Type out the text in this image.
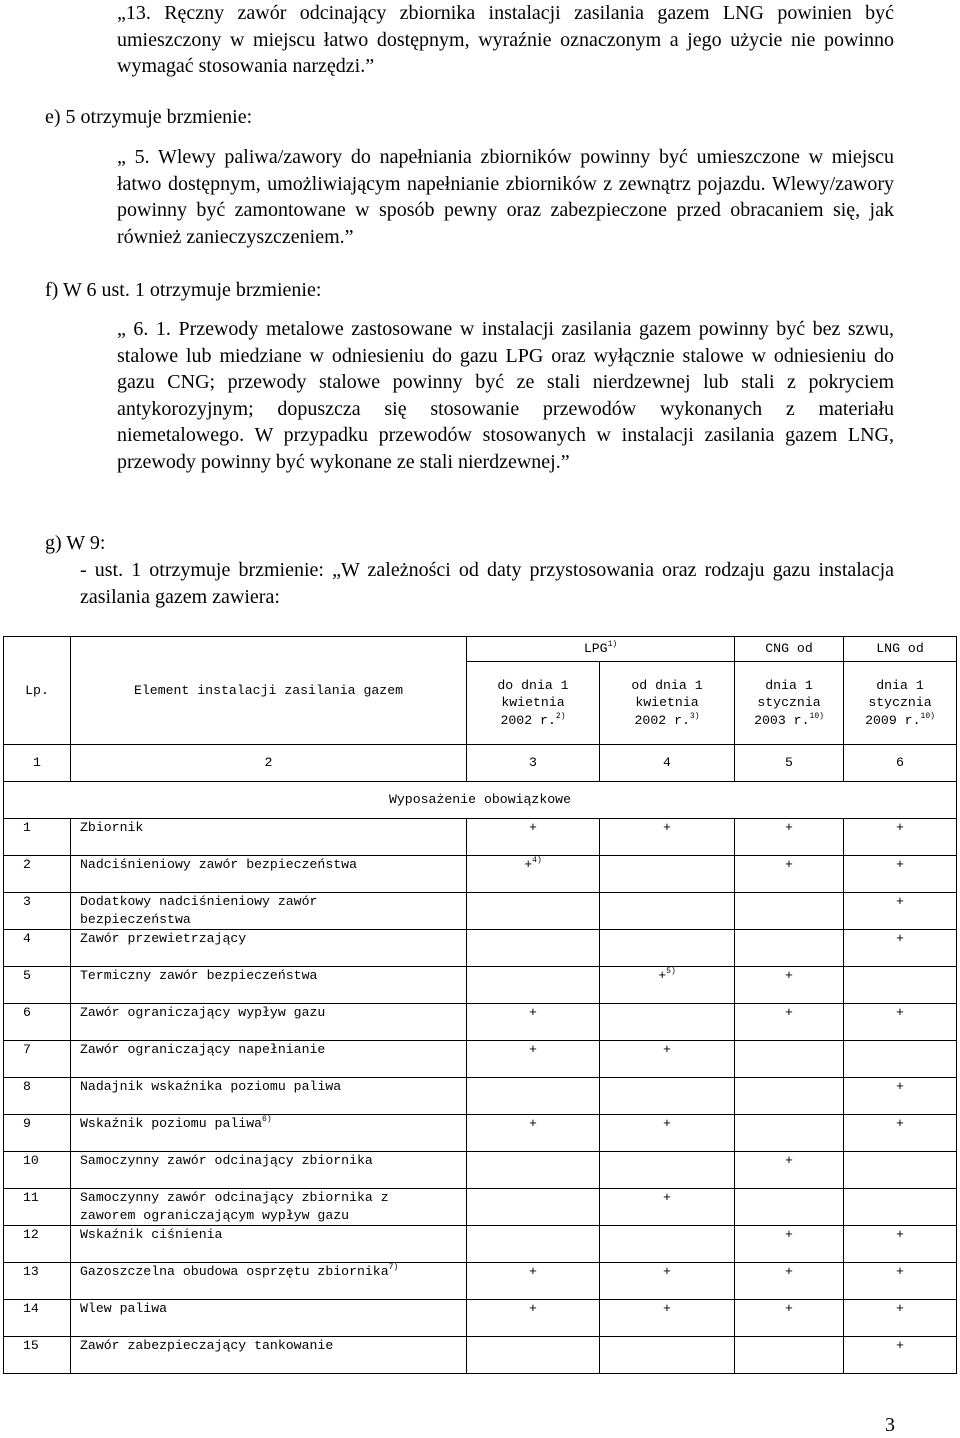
„13. Ręczny zawór odcinający zbiornika instalacji zasilania gazem LNG powinien być umieszczony w miejscu łatwo dostępnym, wyraźnie oznaczonym a jego użycie nie powinno wymagać stosowania narzędzi.”

e) 5 otrzymuje brzmienie:

„ 5. Wlewy paliwa/zawory do napełniania zbiorników powinny być umieszczone w miejscu łatwo dostępnym, umożliwiającym napełnianie zbiorników z zewnątrz pojazdu. Wlewy/zawory powinny być zamontowane w sposób pewny oraz zabezpieczone przed obracaniem się, jak również zanieczyszczeniem.”

f) W 6 ust. 1 otrzymuje brzmienie:

„ 6. 1. Przewody metalowe zastosowane w instalacji zasilania gazem powinny być bez szwu, stalowe lub miedziane w odniesieniu do gazu LPG oraz wyłącznie stalowe w odniesieniu do gazu CNG; przewody stalowe powinny być ze stali nierdzewnej lub stali z pokryciem antykorozyjnym; dopuszcza się stosowanie przewodów wykonanych z materiału niemetalowego. W przypadku przewodów stosowanych w instalacji zasilania gazem LNG, przewody powinny być wykonane ze stali nierdzewnej.”

g) W 9:

- ust. 1 otrzymuje brzmienie: „W zależności od daty przystosowania oraz rodzaju gazu instalacja zasilania gazem zawiera:

Lp.	Element instalacji zasilania gazem	LPG$^{1)}$		CNG od	LNG od
		do dnia 1
kwietnia
2002 r.$^{2)}$	od dnia 1
kwietnia
2002 r.$^{3)}$	dnia 1
stycznia
2003 r.$^{10)}$	dnia 1
stycznia
2009 r.$^{10)}$
1	2	3	4	5	6
Wyposażenie obowiązkowe					
1	Zbiornik	+	+	+	+
2	Nadciśnieniowy zawór bezpieczeństwa	+$^{4)}$		+	+
3	Dodatkowy nadciśnieniowy zawór
bezpieczeństwa				+
4	Zawór przewietrzający				+
5	Termiczny zawór bezpieczeństwa		+$^{5)}$	+	
6	Zawór ograniczający wypływ gazu	+		+	+
7	Zawór ograniczający napełnianie	+	+		
8	Nadajnik wskaźnika poziomu paliwa				+
9	Wskaźnik poziomu paliwa$^{6)}$	+	+		+
10	Samoczynny zawór odcinający zbiornika			+	
11	Samoczynny zawór odcinający zbiornika z
zaworem ograniczającym wypływ gazu		+		
12	Wskaźnik ciśnienia			+	+
13	Gazoszczelna obudowa osprzętu zbiornika$^{7)}$	+	+	+	+
14	Wlew paliwa	+	+	+	+
15	Zawór zabezpieczający tankowanie				+
3
